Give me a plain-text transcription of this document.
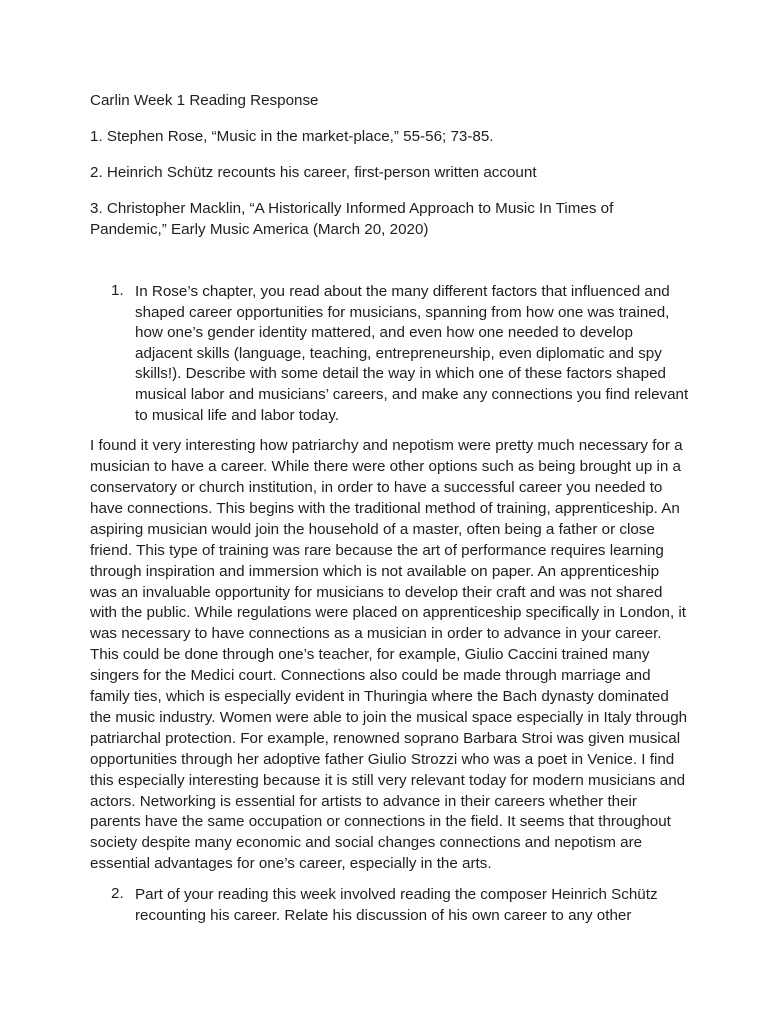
Carlin Week 1 Reading Response

1. Stephen Rose, “Music in the market-place,” 55-56; 73-85.

2. Heinrich Schütz recounts his career, first-person written account

3. Christopher Macklin, “A Historically Informed Approach to Music In Times of Pandemic,” Early Music America (March 20, 2020)

1. In Rose’s chapter, you read about the many different factors that influenced and shaped career opportunities for musicians, spanning from how one was trained, how one’s gender identity mattered, and even how one needed to develop adjacent skills (language, teaching, entrepreneurship, even diplomatic and spy skills!). Describe with some detail the way in which one of these factors shaped musical labor and musicians’ careers, and make any connections you find relevant to musical life and labor today.

I found it very interesting how patriarchy and nepotism were pretty much necessary for a musician to have a career. While there were other options such as being brought up in a conservatory or church institution, in order to have a successful career you needed to have connections. This begins with the traditional method of training, apprenticeship. An aspiring musician would join the household of a master, often being a father or close friend. This type of training was rare because the art of performance requires learning through inspiration and immersion which is not available on paper. An apprenticeship was an invaluable opportunity for musicians to develop their craft and was not shared with the public. While regulations were placed on apprenticeship specifically in London, it was necessary to have connections as a musician in order to advance in your career. This could be done through one’s teacher, for example, Giulio Caccini trained many singers for the Medici court. Connections also could be made through marriage and family ties, which is especially evident in Thuringia where the Bach dynasty dominated the music industry. Women were able to join the musical space especially in Italy through patriarchal protection. For example, renowned soprano Barbara Stroi was given musical opportunities through her adoptive father Giulio Strozzi who was a poet in Venice. I find this especially interesting because it is still very relevant today for modern musicians and actors. Networking is essential for artists to advance in their careers whether their parents have the same occupation or connections in the field. It seems that throughout society despite many economic and social changes connections and nepotism are essential advantages for one’s career, especially in the arts.

2. Part of your reading this week involved reading the composer Heinrich Schütz recounting his career. Relate his discussion of his own career to any other
